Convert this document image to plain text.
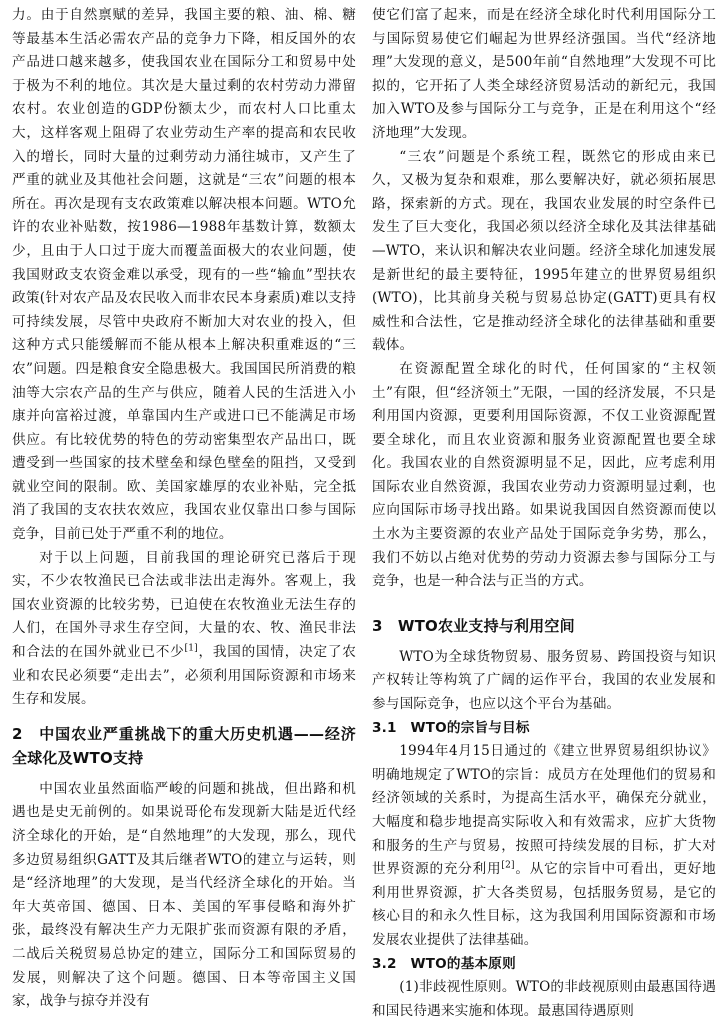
力。由于自然禀赋的差异，我国主要的粮、油、棉、糖等最基本生活必需农产品的竞争力下降，相反国外的农产品进口越来越多，使我国农业在国际分工和贸易中处于极为不利的地位。其次是大量过剩的农村劳动力滞留农村。农业创造的GDP份额太少，而农村人口比重太大，这样客观上阻碍了农业劳动生产率的提高和农民收入的增长，同时大量的过剩劳动力涌往城市，又产生了严重的就业及其他社会问题，这就是“三农”问题的根本所在。再次是现有支农政策难以解决根本问题。WTO允许的农业补贴数，按1986—1988年基数计算，数额太少，且由于人口过于庞大而覆盖面极大的农业问题，使我国财政支农资金难以承受，现有的一些“输血”型扶农政策(针对农产品及农民收入而非农民本身素质)难以支持可持续发展，尽管中央政府不断加大对农业的投入，但这种方式只能缓解而不能从根本上解决积重难返的“三农”问题。四是粮食安全隐患极大。我国国民所消费的粮油等大宗农产品的生产与供应，随着人民的生活进入小康并向富裕过渡，单靠国内生产或进口已不能满足市场供应。有比较优势的特色的劳动密集型农产品出口，既遭受到一些国家的技术壁垒和绿色壁垒的阻挡，又受到就业空间的限制。欧、美国家雄厚的农业补贴，完全抵消了我国的支农扶农效应，我国农业仅靠出口参与国际竞争，目前已处于严重不利的地位。

对于以上问题，目前我国的理论研究已落后于现实，不少农牧渔民已合法或非法出走海外。客观上，我国农业资源的比较劣势，已迫使在农牧渔业无法生存的人们，在国外寻求生存空间，大量的农、牧、渔民非法和合法的在国外就业已不少[1]，我国的国情，决定了农业和农民必须要“走出去”，必须利用国际资源和市场来生存和发展。

2　中国农业严重挑战下的重大历史机遇——经济全球化及WTO支持

中国农业虽然面临严峻的问题和挑战，但出路和机遇也是史无前例的。如果说哥伦布发现新大陆是近代经济全球化的开始，是“自然地理”的大发现，那么，现代多边贸易组织GATT及其后继者WTO的建立与运转，则是“经济地理”的大发现，是当代经济全球化的开始。当年大英帝国、德国、日本、美国的军事侵略和海外扩张，最终没有解决生产力无限扩张而资源有限的矛盾，二战后关税贸易总协定的建立，国际分工和国际贸易的发展，则解决了这个问题。德国、日本等帝国主义国家，战争与掠夺并没有

使它们富了起来，而是在经济全球化时代利用国际分工与国际贸易使它们崛起为世界经济强国。当代“经济地理”大发现的意义，是500年前“自然地理”大发现不可比拟的，它开拓了人类全球经济贸易活动的新纪元，我国加入WTO及参与国际分工与竞争，正是在利用这个“经济地理”大发现。

“三农”问题是个系统工程，既然它的形成由来已久，又极为复杂和艰难，那么要解决好，就必须拓展思路，探索新的方式。现在，我国农业发展的时空条件已发生了巨大变化，我国必须以经济全球化及其法律基础—WTO，来认识和解决农业问题。经济全球化加速发展是新世纪的最主要特征，1995年建立的世界贸易组织(WTO)，比其前身关税与贸易总协定(GATT)更具有权威性和合法性，它是推动经济全球化的法律基础和重要载体。

在资源配置全球化的时代，任何国家的“主权领土”有限，但“经济领土”无限，一国的经济发展，不只是利用国内资源，更要利用国际资源，不仅工业资源配置要全球化，而且农业资源和服务业资源配置也要全球化。我国农业的自然资源明显不足，因此，应考虑利用国际农业自然资源，我国农业劳动力资源明显过剩，也应向国际市场寻找出路。如果说我国因自然资源而使以土水为主要资源的农业产品处于国际竞争劣势，那么，我们不妨以占绝对优势的劳动力资源去参与国际分工与竞争，也是一种合法与正当的方式。

3　WTO农业支持与利用空间

WTO为全球货物贸易、服务贸易、跨国投资与知识产权转让等构筑了广阔的运作平台，我国的农业发展和参与国际竞争，也应以这个平台为基础。

3.1　WTO的宗旨与目标

1994年4月15日通过的《建立世界贸易组织协议》明确地规定了WTO的宗旨：成员方在处理他们的贸易和经济领域的关系时，为提高生活水平，确保充分就业，大幅度和稳步地提高实际收入和有效需求，应扩大货物和服务的生产与贸易，按照可持续发展的目标，扩大对世界资源的充分利用[2]。从它的宗旨中可看出，更好地利用世界资源，扩大各类贸易，包括服务贸易，是它的核心目的和永久性目标，这为我国利用国际资源和市场发展农业提供了法律基础。

3.2　WTO的基本原则

(1)非歧视性原则。WTO的非歧视原则由最惠国待遇和国民待遇来实施和体现。最惠国待遇原则
